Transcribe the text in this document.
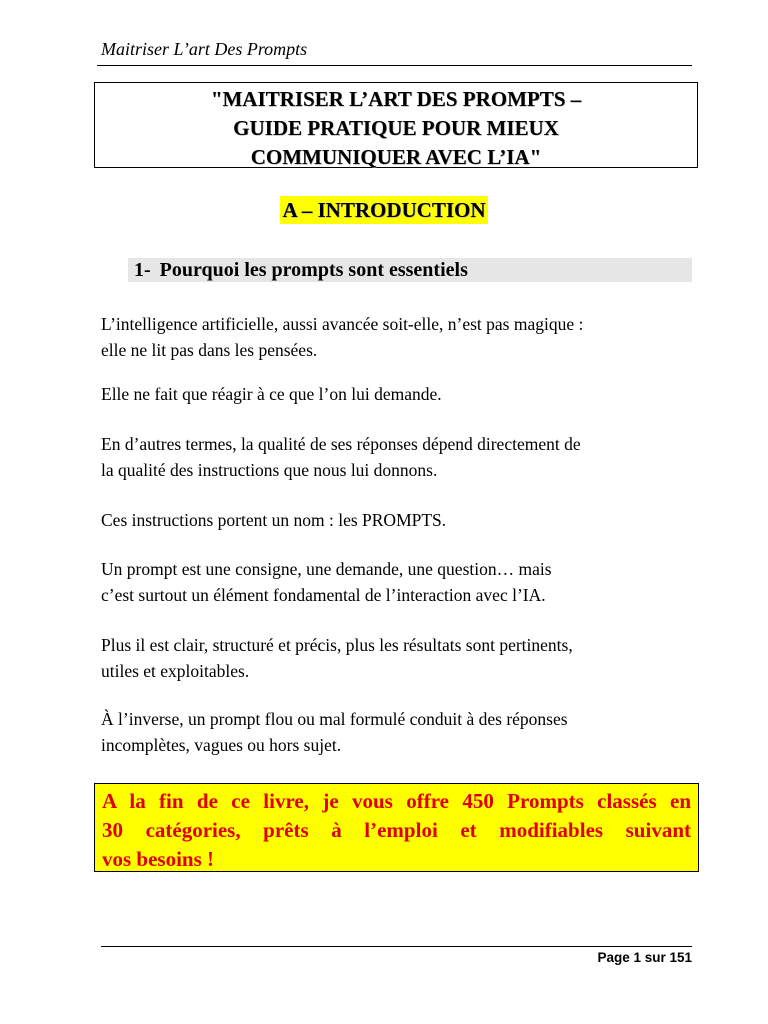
Maitriser L’art Des Prompts
"MAITRISER L’ART DES PROMPTS –
GUIDE PRATIQUE POUR MIEUX
COMMUNIQUER AVEC L’IA"
A – INTRODUCTION
1- Pourquoi les prompts sont essentiels
L’intelligence artificielle, aussi avancée soit-elle, n’est pas magique :
elle ne lit pas dans les pensées.
Elle ne fait que réagir à ce que l’on lui demande.
En d’autres termes, la qualité de ses réponses dépend directement de
la qualité des instructions que nous lui donnons.
Ces instructions portent un nom : les PROMPTS.
Un prompt est une consigne, une demande, une question… mais
c’est surtout un élément fondamental de l’interaction avec l’IA.
Plus il est clair, structuré et précis, plus les résultats sont pertinents,
utiles et exploitables.
À l’inverse, un prompt flou ou mal formulé conduit à des réponses
incomplètes, vagues ou hors sujet.
A la fin de ce livre, je vous offre 450 Prompts classés en
30 catégories, prêts à l’emploi et modifiables suivant
vos besoins !
Page 1 sur 151
